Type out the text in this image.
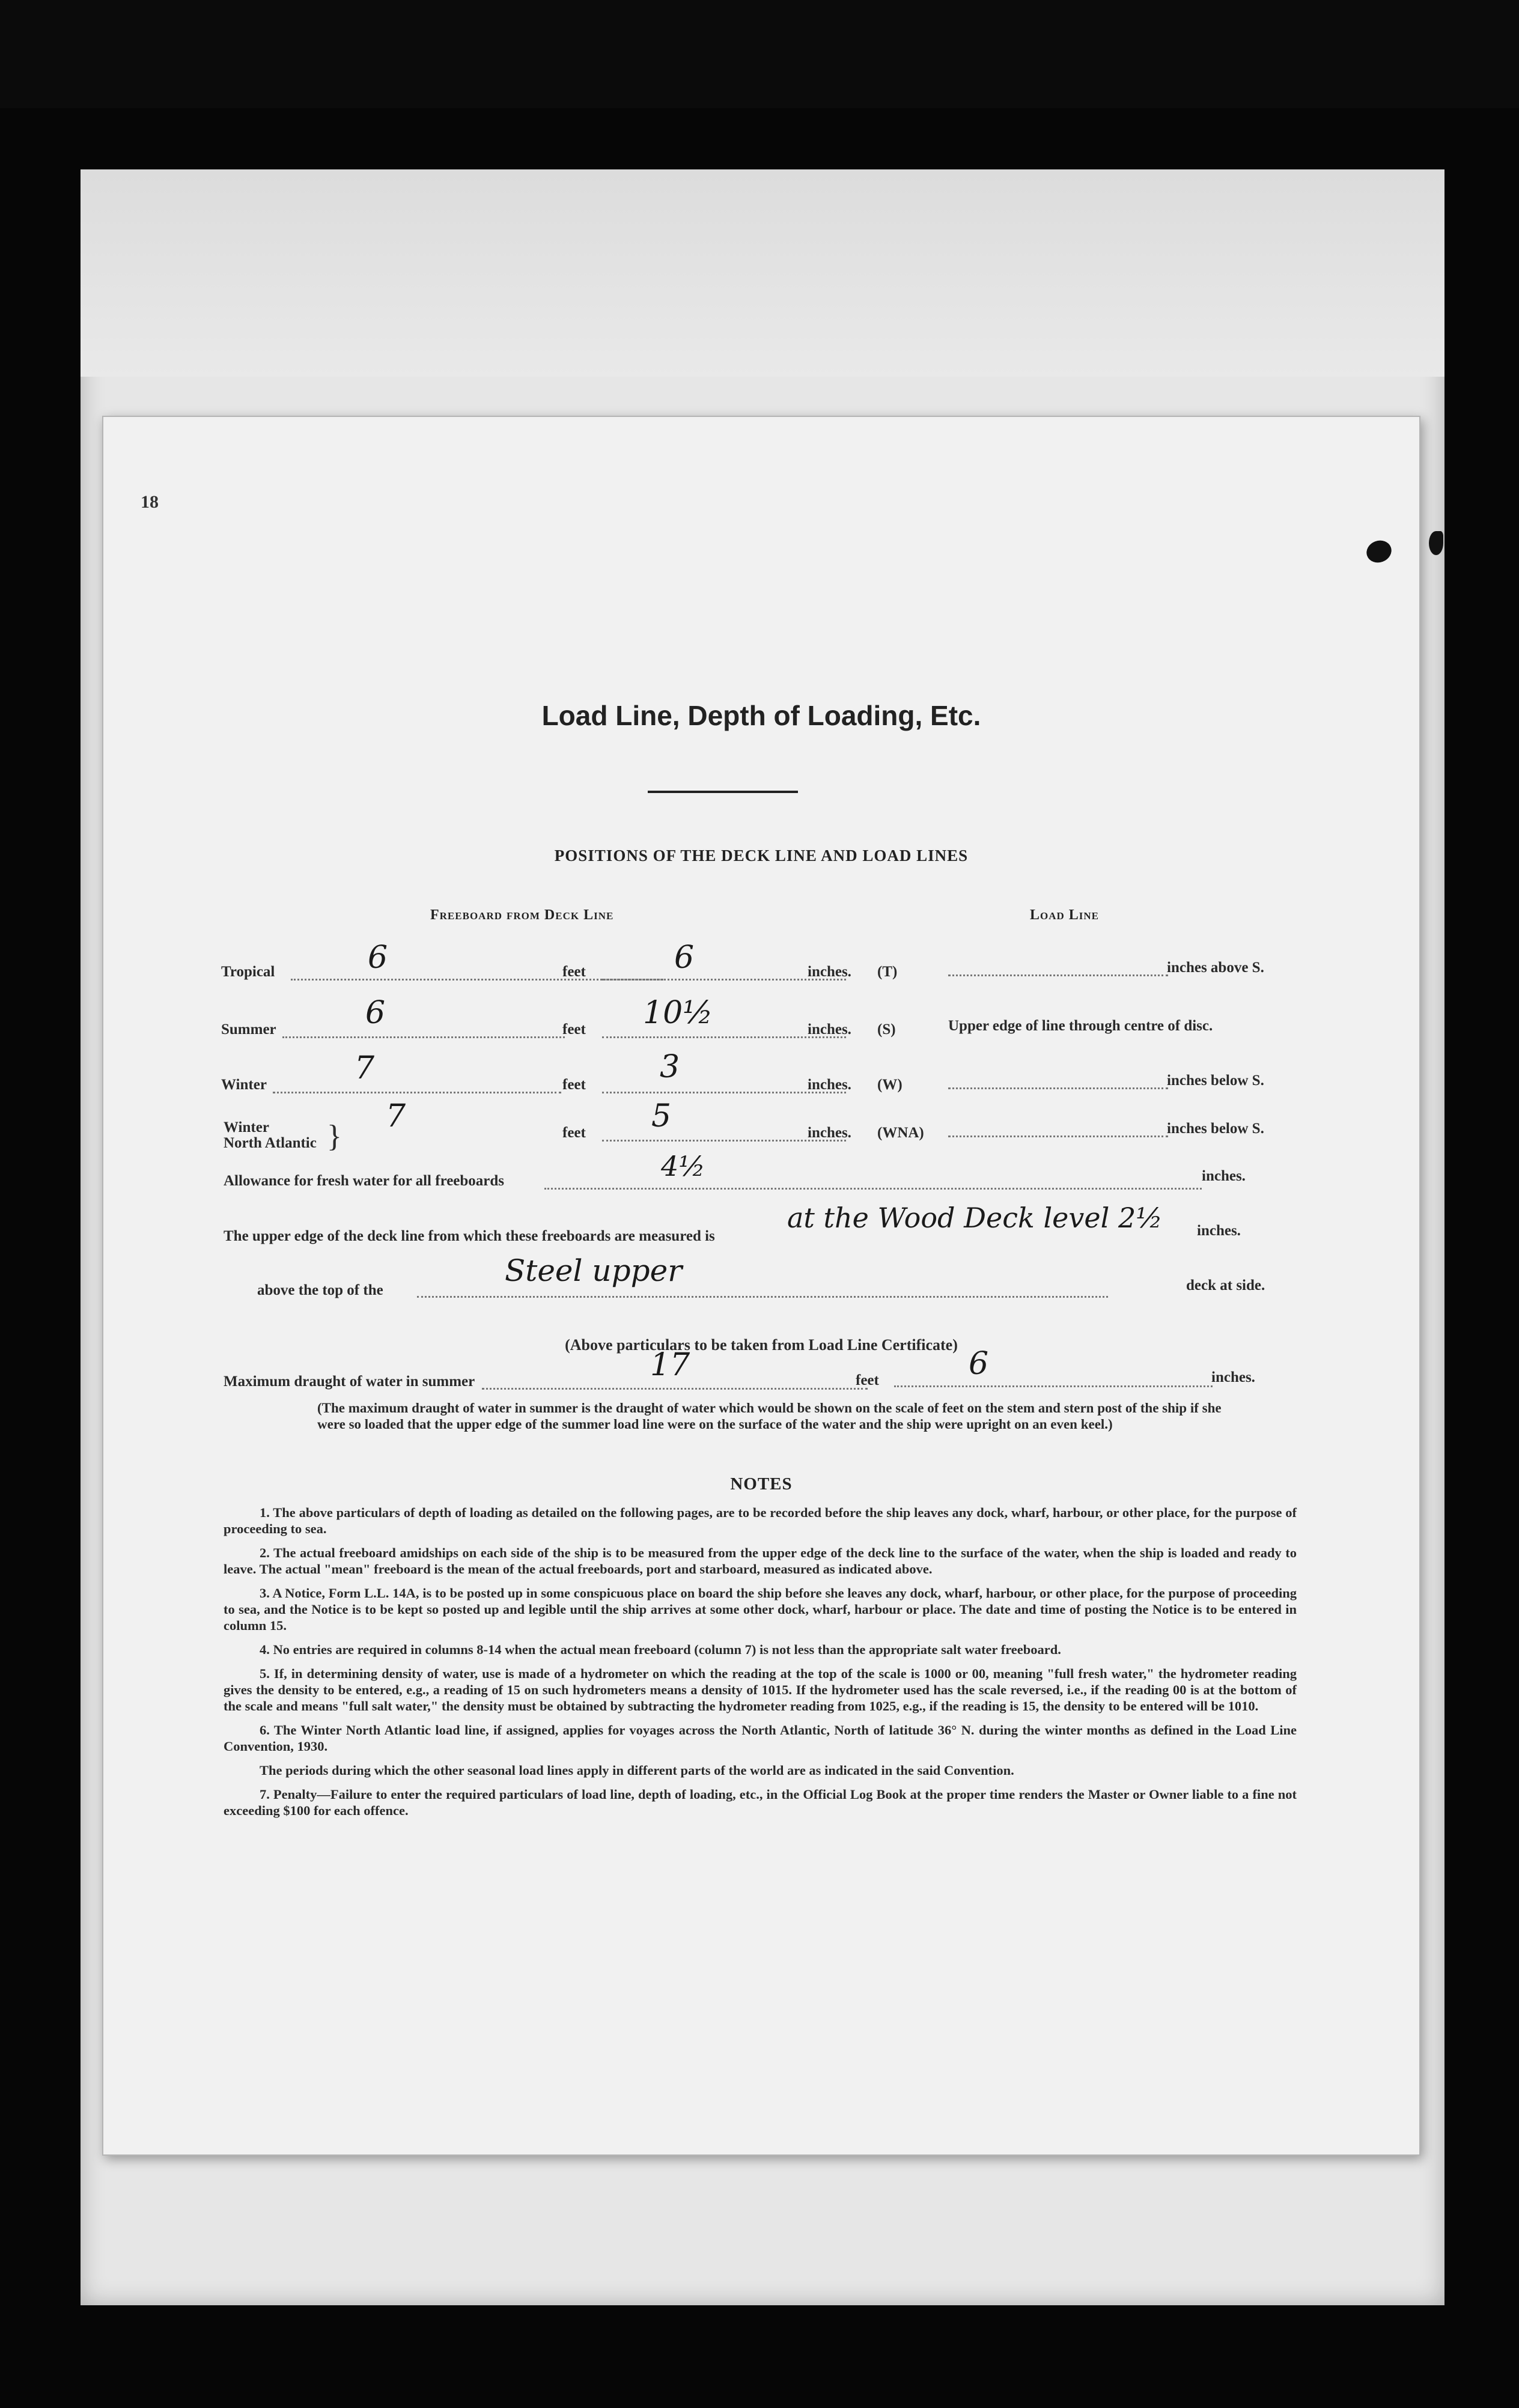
18
Load Line, Depth of Loading, Etc.
POSITIONS OF THE DECK LINE AND LOAD LINES
Freeboard from Deck Line	Load Line
Tropical	6	feet	6	inches. (T)	inches above S.
Summer	6	feet 10½	inches. (S)	Upper edge of line through centre of disc.
Winter	7	feet 3	inches. (W)	inches below S.
Winter
North Atlantic }
7	feet 5	inches. (WNA)	inches below S.
Allowance for fresh water for all freeboards	4½	inches.
The upper edge of the deck line from which these freeboards are measured is
at the Wood Deck level 2½ inches.
above the top of the
Steel upper	deck at side.
(Above particulars to be taken from Load Line Certificate)
Maximum draught of water in summer	17	feet	6	inches.
(The maximum draught of water in summer is the draught of water which would be shown on the scale of feet on the stem and stern post of the ship if she were so loaded that the upper edge of the summer load line were on the surface of the water and the ship were upright on an even keel.)
NOTES

1. The above particulars of depth of loading as detailed on the following pages, are to be recorded before the ship leaves any dock, wharf, harbour, or other place, for the purpose of proceeding to sea.

2. The actual freeboard amidships on each side of the ship is to be measured from the upper edge of the deck line to the surface of the water, when the ship is loaded and ready to leave. The actual "mean" freeboard is the mean of the actual freeboards, port and starboard, measured as indicated above.

3. A Notice, Form L.L. 14A, is to be posted up in some conspicuous place on board the ship before she leaves any dock, wharf, harbour, or other place, for the purpose of proceeding to sea, and the Notice is to be kept so posted up and legible until the ship arrives at some other dock, wharf, harbour or place. The date and time of posting the Notice is to be entered in column 15.

4. No entries are required in columns 8-14 when the actual mean freeboard (column 7) is not less than the appropriate salt water freeboard.

5. If, in determining density of water, use is made of a hydrometer on which the reading at the top of the scale is 1000 or 00, meaning "full fresh water," the hydrometer reading gives the density to be entered, e.g., a reading of 15 on such hydrometers means a density of 1015. If the hydrometer used has the scale reversed, i.e., if the reading 00 is at the bottom of the scale and means "full salt water," the density must be obtained by subtracting the hydrometer reading from 1025, e.g., if the reading is 15, the density to be entered will be 1010.

6. The Winter North Atlantic load line, if assigned, applies for voyages across the North Atlantic, North of latitude 36° N. during the winter months as defined in the Load Line Convention, 1930.

The periods during which the other seasonal load lines apply in different parts of the world are as indicated in the said Convention.

7. Penalty—Failure to enter the required particulars of load line, depth of loading, etc., in the Official Log Book at the proper time renders the Master or Owner liable to a fine not exceeding $100 for each offence.
